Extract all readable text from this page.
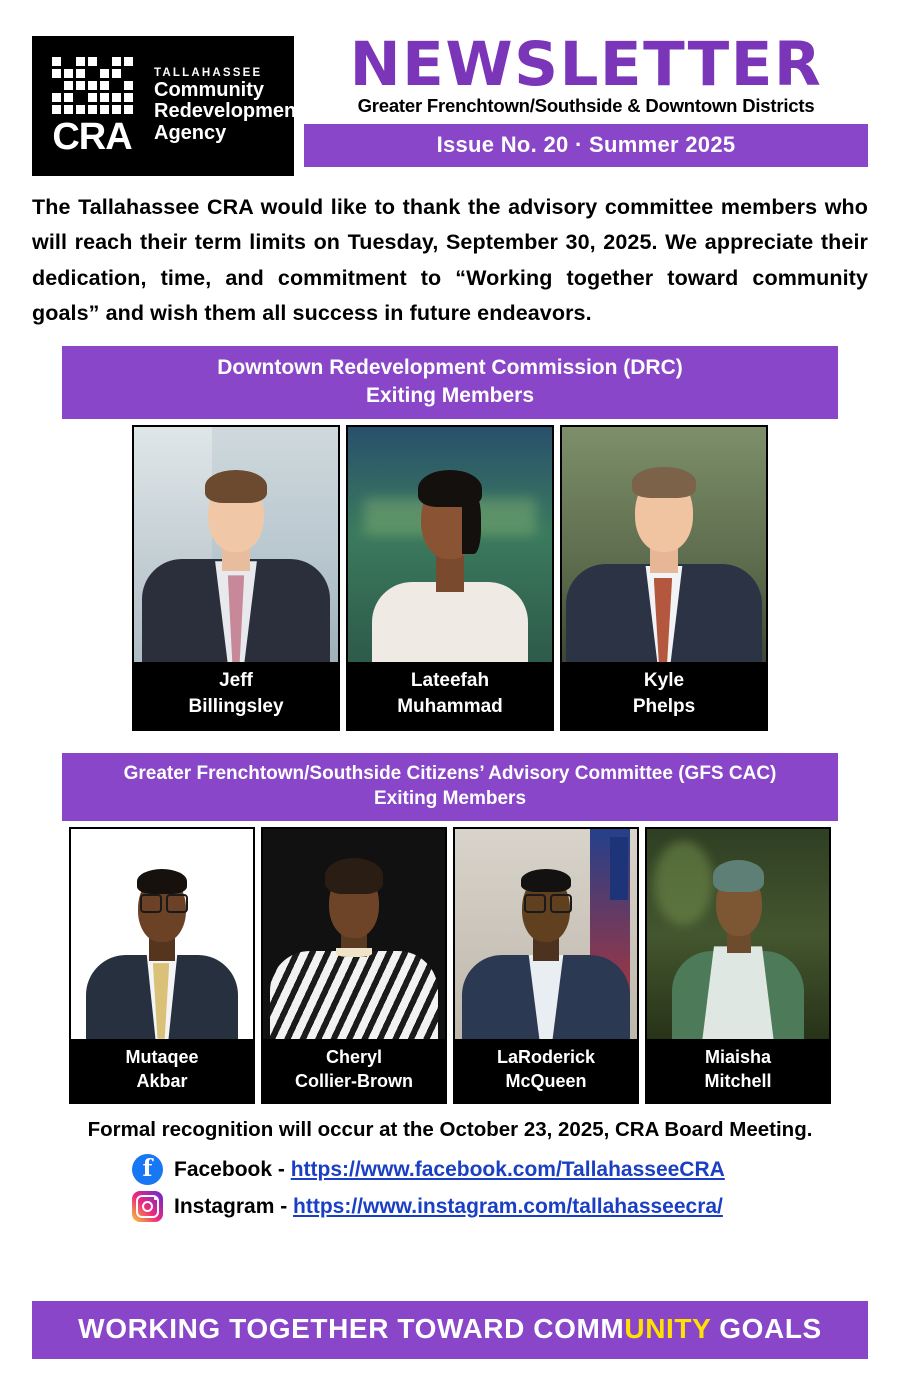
CRA
TALLAHASSEE
Community
Redevelopment
Agency
NEWSLETTER
Greater Frenchtown/Southside & Downtown Districts
Issue No. 20 · Summer 2025
The Tallahassee CRA would like to thank the advisory committee members who will reach their term limits on Tuesday, September 30, 2025. We appreciate their dedication, time, and commitment to “Working together toward community goals” and wish them all success in future endeavors.
Downtown Redevelopment Commission (DRC)
Exiting Members
Jeff
Billingsley
Lateefah
Muhammad
Kyle
Phelps
Greater Frenchtown/Southside Citizens’ Advisory Committee (GFS CAC)
Exiting Members
Mutaqee
Akbar
Cheryl
Collier-Brown
LaRoderick
McQueen
Miaisha
Mitchell
Formal recognition will occur at the October 23, 2025, CRA Board Meeting.
f	Facebook - https://www.facebook.com/TallahasseeCRA
Instagram - https://www.instagram.com/tallahasseecra/
WORKING TOGETHER TOWARD COMMUNITY GOALS
